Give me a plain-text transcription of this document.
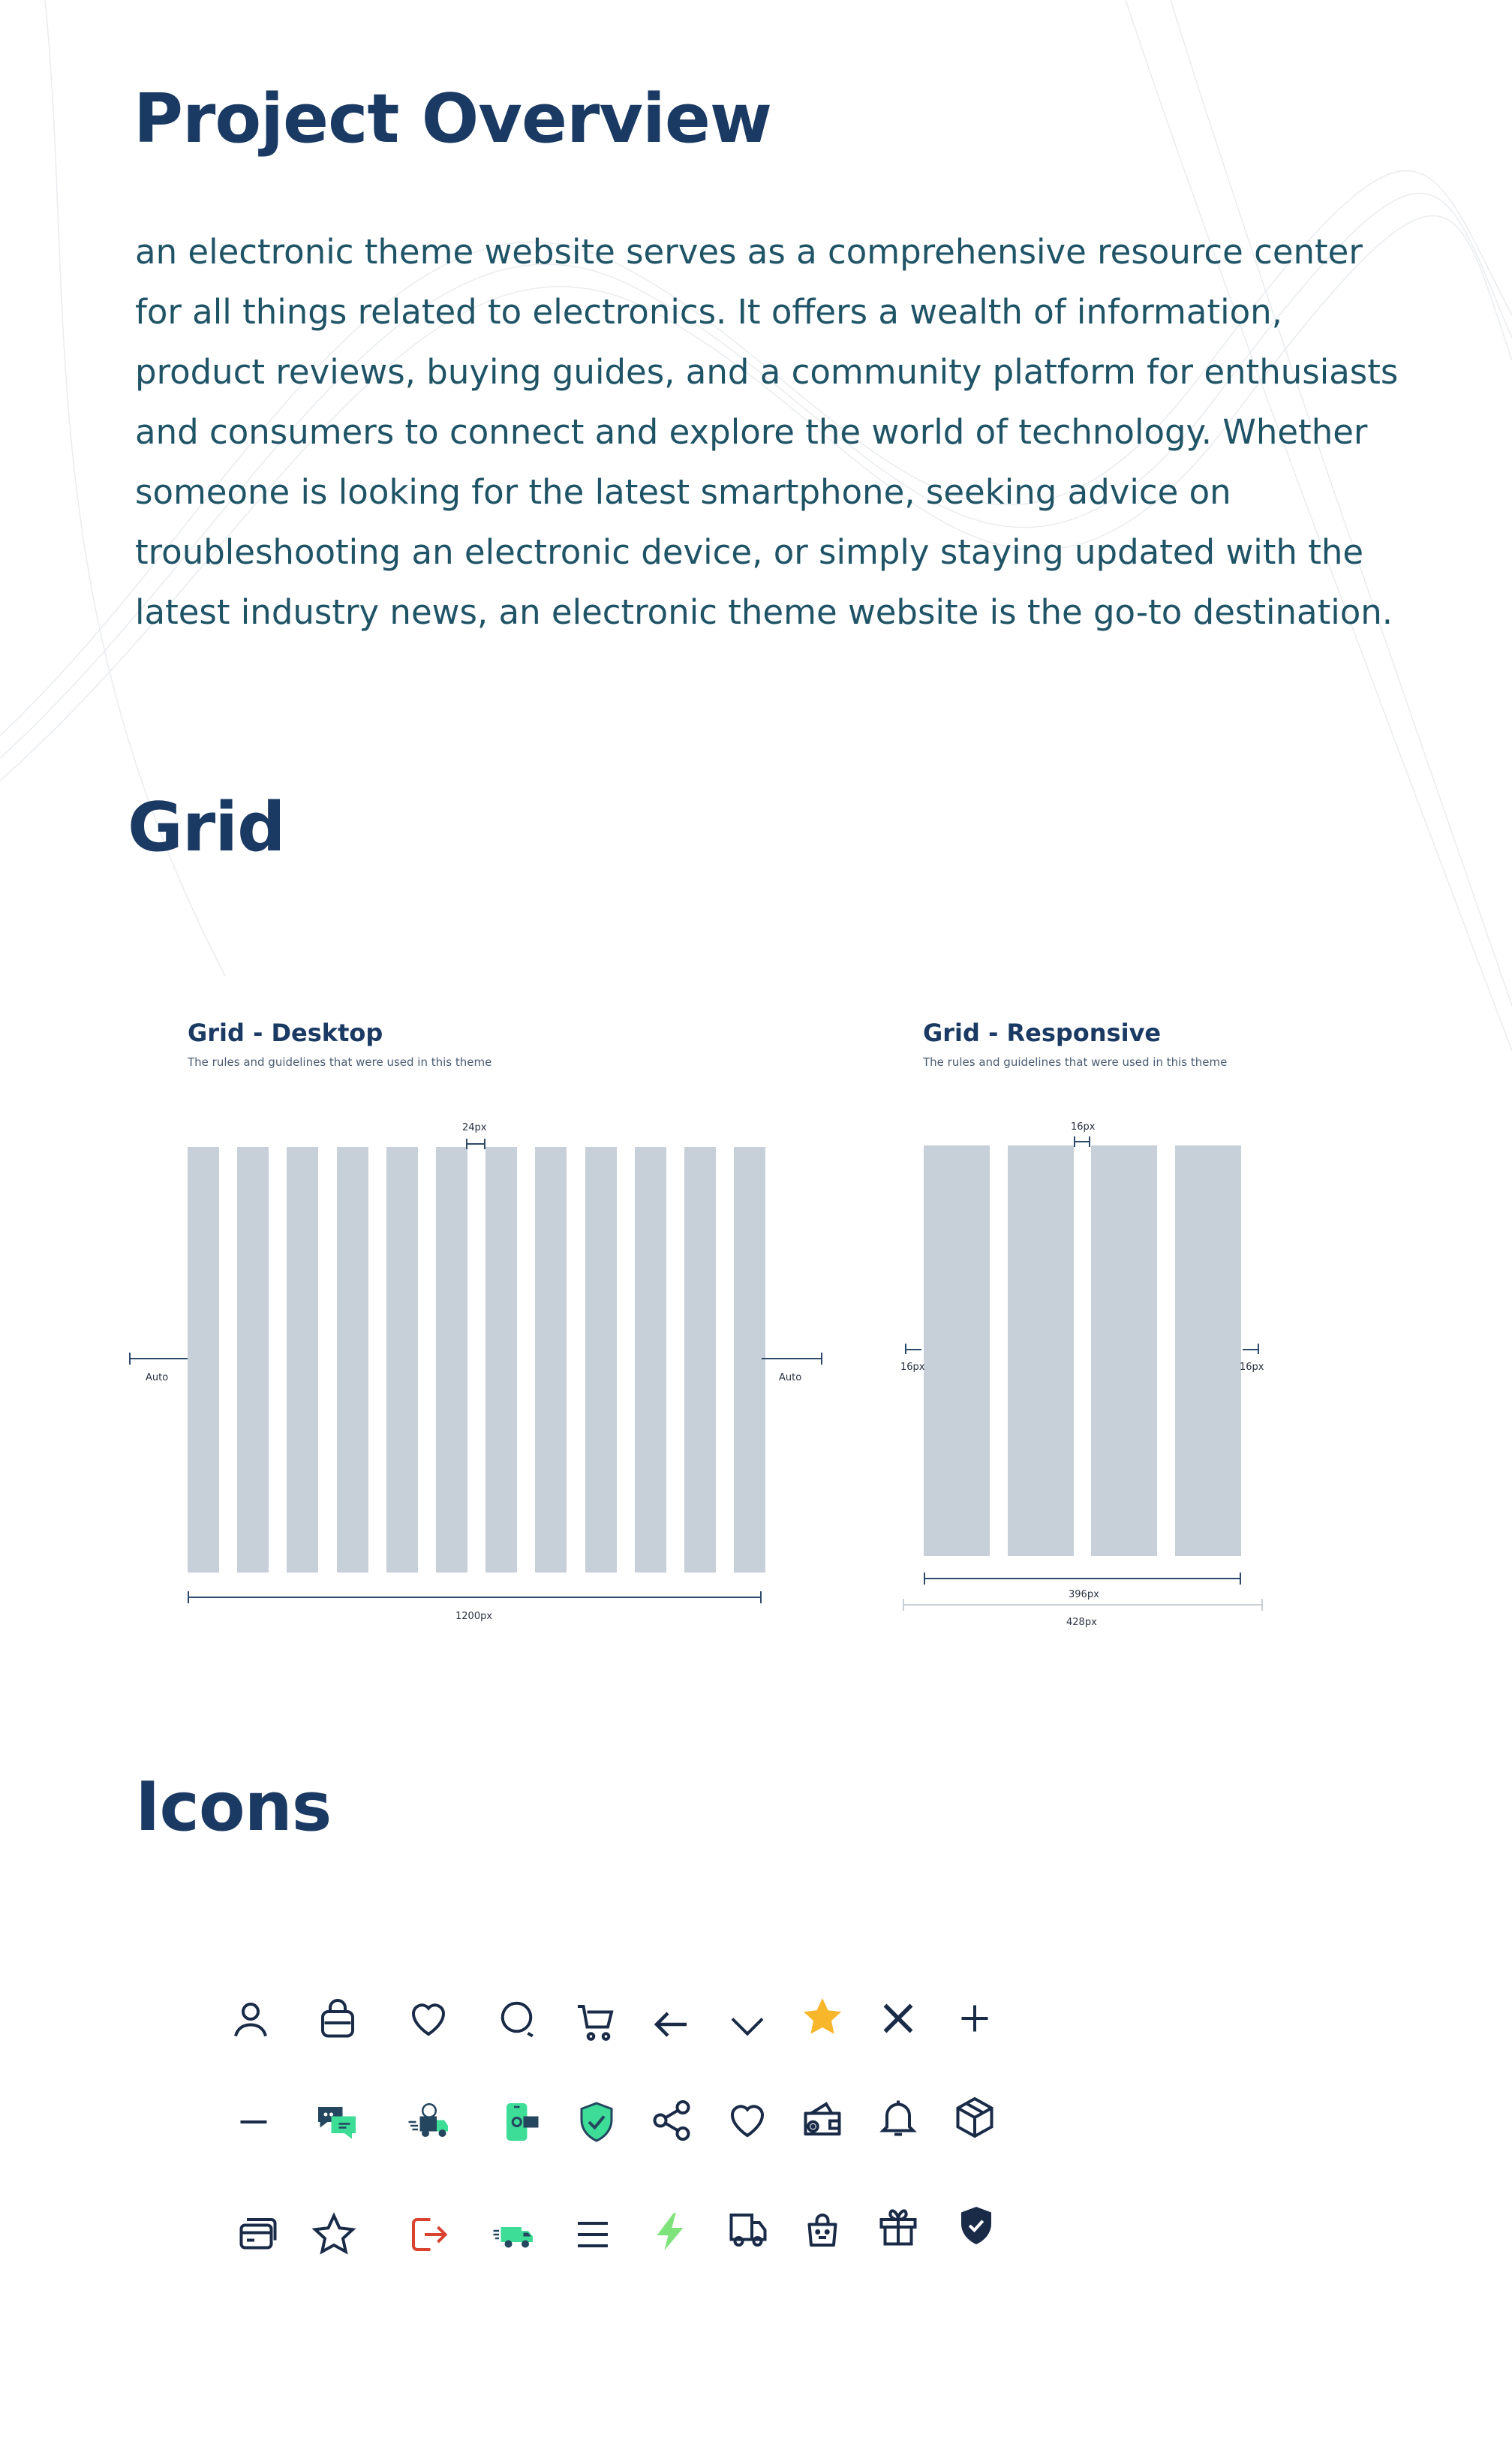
Project Overview

an electronic theme website serves as a comprehensive resource center for all things related to electronics. It offers a wealth of information, product reviews, buying guides, and a community platform for enthusiasts and consumers to connect and explore the world of technology. Whether someone is looking for the latest smartphone, seeking advice on troubleshooting an electronic device, or simply staying updated with the latest industry news, an electronic theme website is the go-to destination.

Grid
Grid - Desktop
The rules and guidelines that were used in this theme
24px
Auto	Auto
1200px
Grid - Responsive
The rules and guidelines that were used in this theme
16px
16px	16px
396px
428px
Icons
